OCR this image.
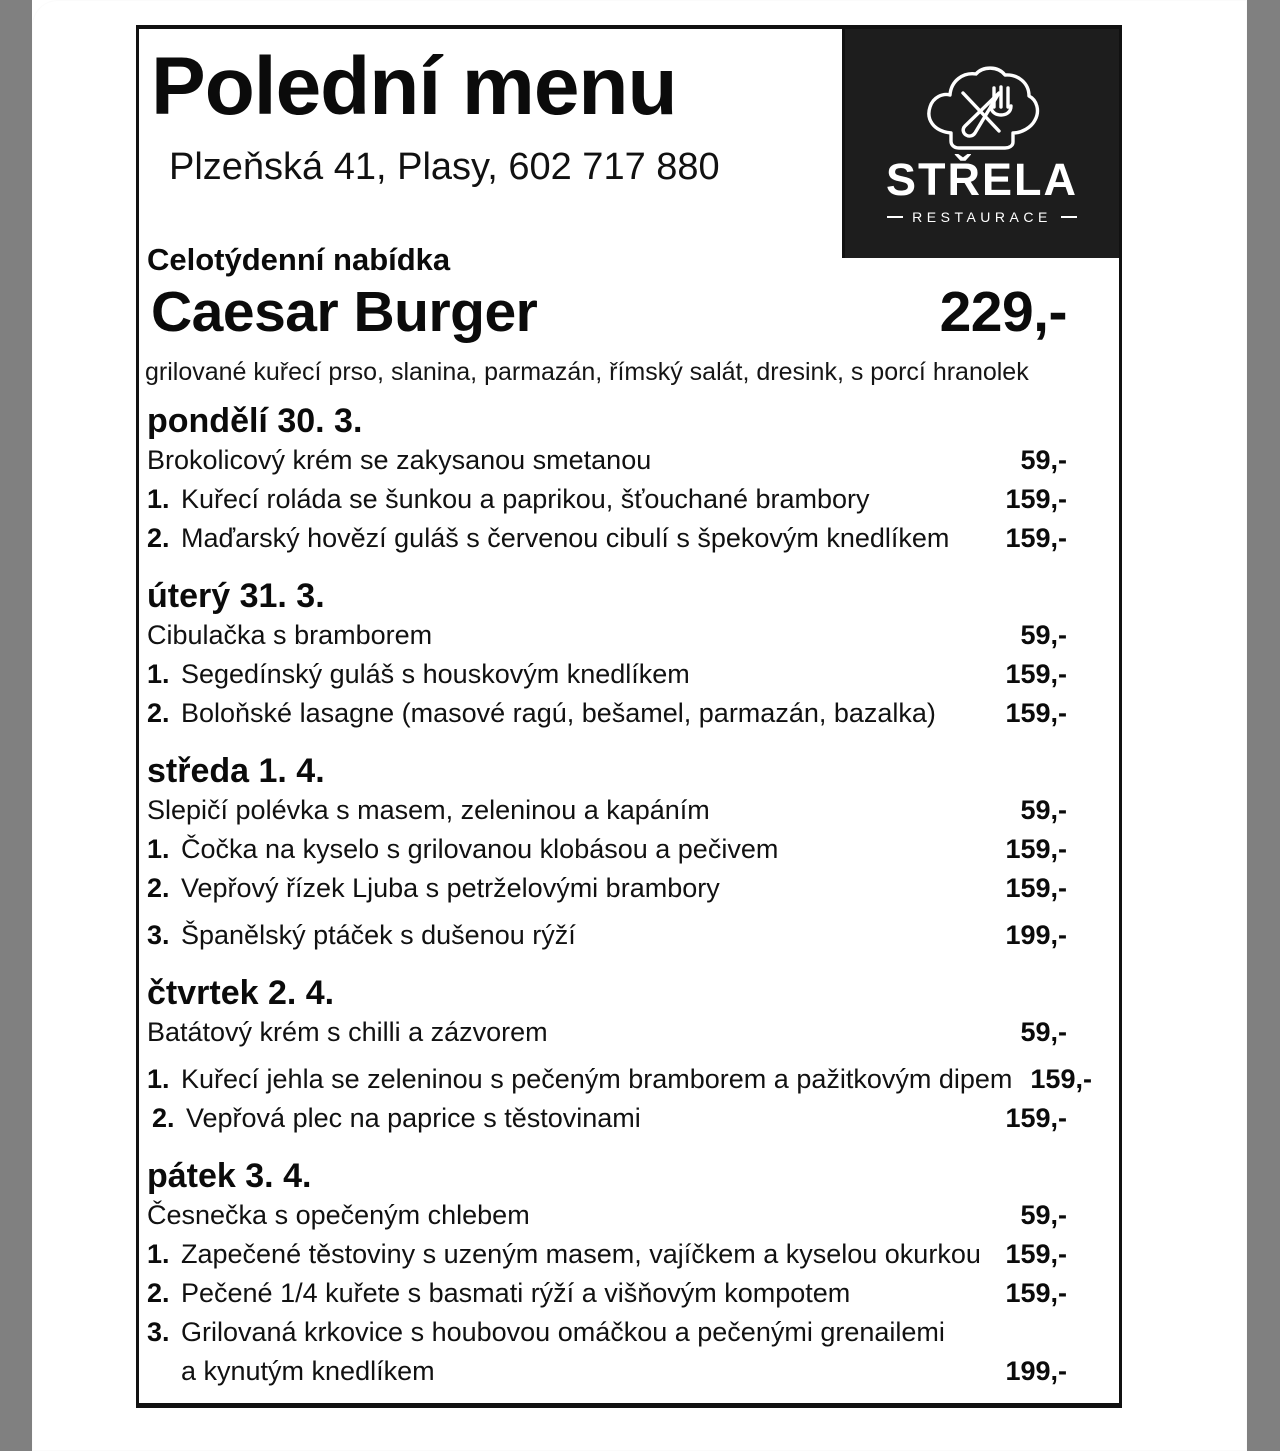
Polední menu
Plzeňská 41, Plasy, 602 717 880	STŘELA
RESTAURACE
Celotýdenní nabídka
Caesar Burger	229,-
grilované kuřecí prso, slanina, parmazán, římský salát, dresink, s porcí hranolek
pondělí 30. 3.
Brokolicový krém se zakysanou smetanou	59,-
1. Kuřecí roláda se šunkou a paprikou, šťouchané brambory	159,-
2. Maďarský hovězí guláš s červenou cibulí s špekovým knedlíkem	159,-
úterý 31. 3.
Cibulačka s bramborem	59,-
1. Segedínský guláš s houskovým knedlíkem	159,-
2. Boloňské lasagne (masové ragú, bešamel, parmazán, bazalka)	159,-
středa 1. 4.
Slepičí polévka s masem, zeleninou a kapáním	59,-
1. Čočka na kyselo s grilovanou klobásou a pečivem	159,-
2. Vepřový řízek Ljuba s petrželovými brambory	159,-
3. Španělský ptáček s dušenou rýží	199,-
čtvrtek 2. 4.
Batátový krém s chilli a zázvorem	59,-
1. Kuřecí jehla se zeleninou s pečeným bramborem a pažitkovým dipem 159,-
2. Vepřová plec na paprice s těstovinami	159,-
pátek 3. 4.
Česnečka s opečeným chlebem	59,-
1. Zapečené těstoviny s uzeným masem, vajíčkem a kyselou okurkou 159,-
2. Pečené 1/4 kuřete s basmati rýží a višňovým kompotem	159,-
3. Grilovaná krkovice s houbovou omáčkou a pečenými grenailemi
a kynutým knedlíkem	199,-
